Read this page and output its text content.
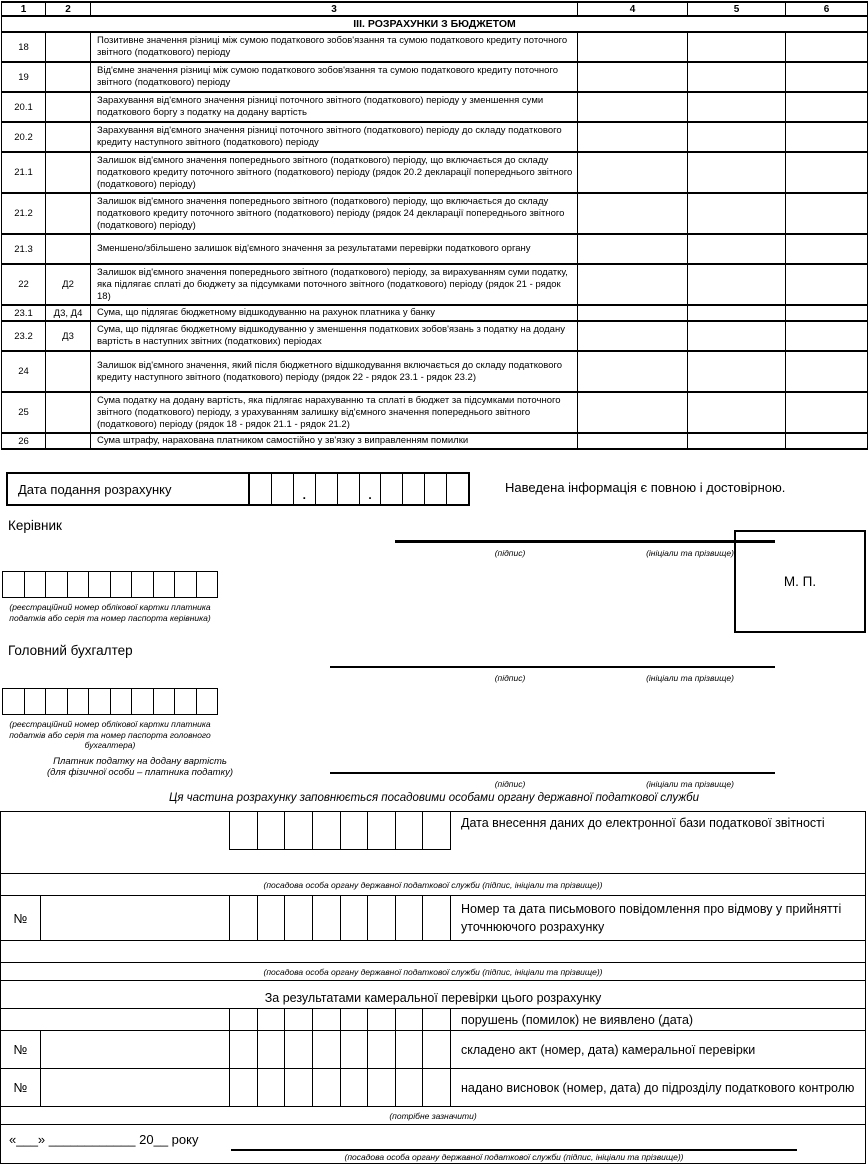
1	2	3	4	5	6
ІІІ. РОЗРАХУНКИ З БЮДЖЕТОМ					
18		Позитивне значення різниці між сумою податкового зобов'язання та сумою податкового кредиту поточного звітного (податкового) періоду			
19		Від'ємне значення різниці між сумою податкового зобов'язання та сумою податкового кредиту поточного звітного (податкового) періоду			
20.1		Зарахування від'ємного значення різниці поточного звітного (податкового) періоду у зменшення суми податкового боргу з податку на додану вартість			
20.2		Зарахування від'ємного значення різниці поточного звітного (податкового) періоду до складу податкового кредиту наступного звітного (податкового) періоду			
21.1		Залишок від'ємного значення попереднього звітного (податкового) періоду, що включається до складу податкового кредиту поточного звітного (податкового) періоду (рядок 20.2 декларації попереднього звітного (податкового) періоду)			
21.2		Залишок від'ємного значення попереднього звітного (податкового) періоду, що включається до складу податкового кредиту поточного звітного (податкового) періоду (рядок 24 декларації попереднього звітного (податкового) періоду)			
21.3		Зменшено/збільшено залишок від'ємного значення за результатами перевірки податкового органу			
22	Д2	Залишок від'ємного значення попереднього звітного (податкового) періоду, за вирахуванням суми податку, яка підлягає сплаті до бюджету за підсумками поточного звітного (податкового) періоду (рядок 21 - рядок 18)			
23.1	Д3, Д4	Сума, що підлягає бюджетному відшкодуванню на рахунок платника у банку			
23.2	Д3	Сума, що підлягає бюджетному відшкодуванню у зменшення податкових зобов'язань з податку на додану вартість в наступних звітних (податкових) періодах			
24		Залишок від'ємного значення, який після бюджетного відшкодування включається до складу податкового кредиту наступного звітного (податкового) періоду (рядок 22 - рядок 23.1 - рядок 23.2)			
25		Сума податку на додану вартість, яка підлягає нарахуванню та сплаті в бюджет за підсумками поточного звітного (податкового) періоду, з урахуванням залишку від'ємного значення попереднього звітного (податкового) періоду (рядок 18 - рядок 21.1 - рядок 21.2)			
26		Сума штрафу, нарахована платником самостійно у зв'язку з виправленням помилки			
Дата подання розрахунку	.	.	Наведена інформація є повною і достовірною.
Керівник
(підпис)	(ініціали та прізвище)
(реєстраційний номер облікової картки платника податків або серія та номер паспорта керівника)
М. П.
Головний бухгалтер
(підпис)	(ініціали та прізвище)
(реєстраційний номер облікової картки платника податків або серія та номер паспорта головного бухгалтера)
Платник податку на додану вартість
(для фізичної особи – платника податку)
(підпис)	(ініціали та прізвище)
Ця частина розрахунку заповнюється посадовими особами органу державної податкової служби
Дата внесення даних до електронної бази податкової звітності
(посадова особа органу державної податкової служби (підпис, ініціали та прізвище))
№
Номер та дата письмового повідомлення про відмову у прийнятті уточнюючого розрахунку
(посадова особа органу державної податкової служби (підпис, ініціали та прізвище))
За результатами камеральної перевірки цього розрахунку
порушень (помилок) не виявлено (дата)
№	складено акт (номер, дата) камеральної перевірки
№	надано висновок (номер, дата) до підрозділу податкового контролю
(потрібне зазначити)
«___» ____________ 20__ року
(посадова особа органу державної податкової служби (підпис, ініціали та прізвище))
